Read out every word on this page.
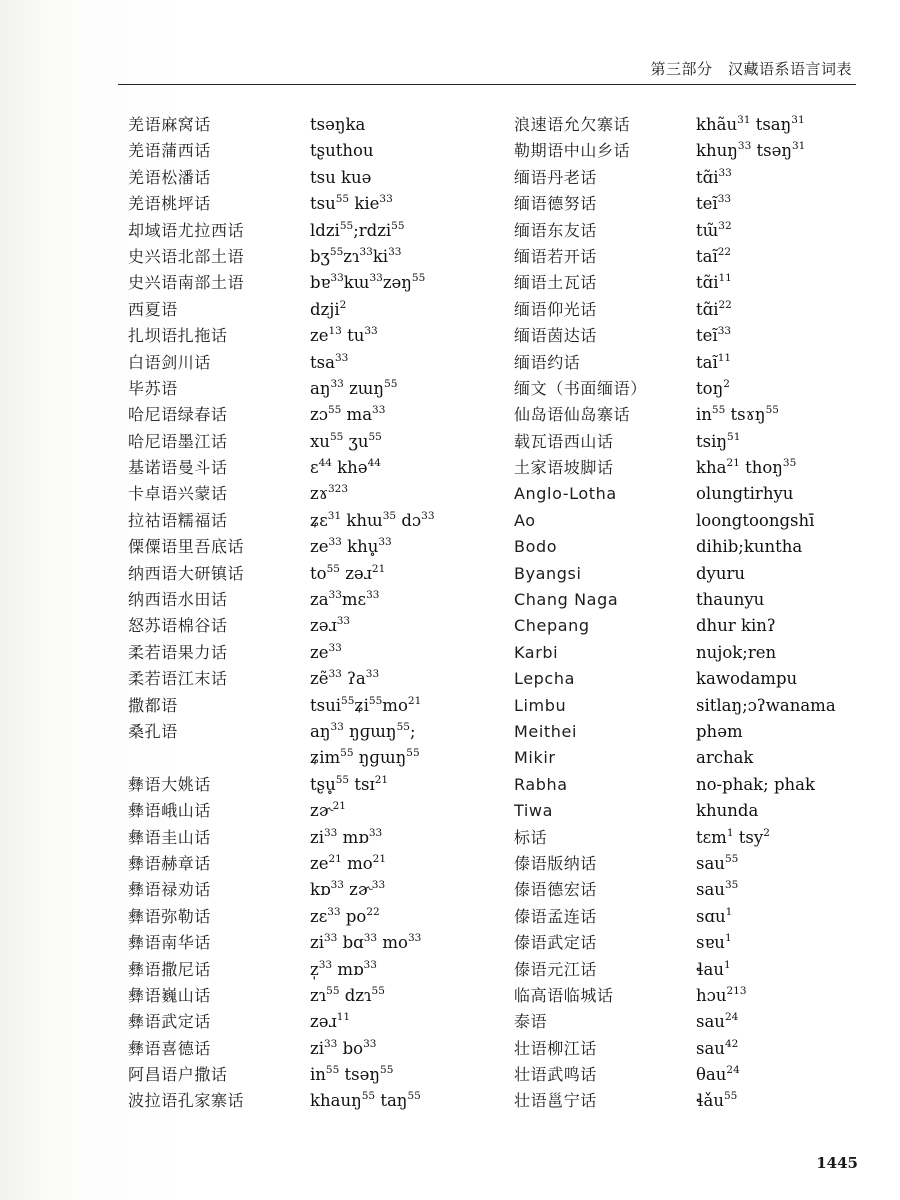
第三部分　汉藏语系语言词表
羌语麻窝话	tsəŋka
羌语蒲西话	tʂuthou
羌语松潘话	tsu kuə
羌语桃坪话	tsu$^{55}$ kie$^{33}$
却域语尤拉西话	ldzi$^{55}$;rdzi$^{55}$
史兴语北部土语	$bʒ^{55}zɿ^{33}ki^{33}$
史兴语南部土语	bɐ$^{33}$kɯ$^{33}$zəŋ$^{55}$
西夏语	dzji$^2$
扎坝语扎拖话	$ze^{13}$ $tu^{33}$
白语剑川话	tsa$^{33}$
毕苏语	$aŋ^{33}$ zɯŋ$^{55}$
哈尼语绿春话	zɔ$^{55}$ $ma^{33}$
哈尼语墨江话	$xu^{55}$ ʒu$^{55}$
基诺语曼斗话	ɛ$^{44}$ khə$^{44}$
卡卓语兴蒙话	zɤ$^{323}$
拉祜语糯福话	ʑɛ$^{31}$ khɯ$^{35}$ dɔ$^{33}$
傈僳语里吾底话	$ze^{33}$ khu̥$^{33}$
纳西语大研镇话	$to^{55}$ zəɹ$^{21}$
纳西语水田话	$za^{33}mɛ^{33}$
怒苏语棉谷话	zəɹ$^{33}$
柔若语果力话	$ze^{33}$
柔若语江末话	zẽ$^{33}$ ʔa$^{33}$
撒都语	$tsui^{55}ʑi^{55}mo^{21}$
桑孔语	$aŋ^{33}$ ŋɡɯŋ$^{55}$;
ʑim$^{55}$ ŋɡɯŋ$^{55}$
彝语大姚话	tʂu̥$^{55}$ tsɪ$^{21}$
彝语峨山话	zɚ$^{21}$
彝语圭山话	$zi^{33}$ mɒ$^{33}$
彝语赫章话	$ze^{21}$ $mo^{21}$
彝语禄劝话	kɒ$^{33}$ zɚ$^{33}$
彝语弥勒话	zɛ$^{33}$ $po^{22}$
彝语南华话	$zi^{33}$ bɑ$^{33}$ $mo^{33}$
彝语撒尼话	z̩$^{33}$ mɒ$^{33}$
彝语巍山话	zɿ$^{55}$ dzɿ$^{55}$
彝语武定话	zəɹ$^{11}$
彝语喜德话	$zi^{33}$ $bo^{33}$
阿昌语户撒话	$in^{55}$ tsəŋ$^{55}$
波拉语孔家寨话	khauŋ$^{55}$ taŋ$^{55}$
浪速语允欠寨话	khãu$^{31}$ tsaŋ$^{31}$
勒期语中山乡话	khuŋ$^{33}$ tsəŋ$^{31}$
缅语丹老话	$tɑ̃i^{33}$
缅语德努话	teĩ$^{33}$
缅语东友话	tɯ̃$^{32}$
缅语若开话	taĩ$^{22}$
缅语土瓦话	$tɑ̃i^{11}$
缅语仰光话	$tɑ̃i^{22}$
缅语茵达话	teĩ$^{33}$
缅语约话	taĩ$^{11}$
缅文（书面缅语）	toŋ$^2$
仙岛语仙岛寨话	$in^{55}$ tsɤŋ$^{55}$
载瓦语西山话	tsiŋ$^{51}$
土家语坡脚话	kha$^{21}$ thoŋ$^{35}$
Anglo-Lotha	olungtirhyu
Ao	loongtoongshī
Bodo	dihib;kuntha
Byangsi	dyuru
Chang Naga	thaunyu
Chepang	dhur kinʔ
Karbi	nujok;ren
Lepcha	kawodampu
Limbu	sitlaŋ;ɔʔwanama
Meithei	phəm
Mikir	archak
Rabha	no-phak; phak
Tiwa	khunda
标话	tɛm$^1$ tsy$^2$
傣语版纳话	sau$^{55}$
傣语德宏话	sau$^{35}$
傣语孟连话	sɑu$^1$
傣语武定话	sɐu$^1$
傣语元江话	ɬau$^1$
临高语临城话	hɔu$^{213}$
泰语	sau$^{24}$
壮语柳江话	sau$^{42}$
壮语武鸣话	θau$^{24}$
壮语邕宁话	ɬǎu$^{55}$
1445
